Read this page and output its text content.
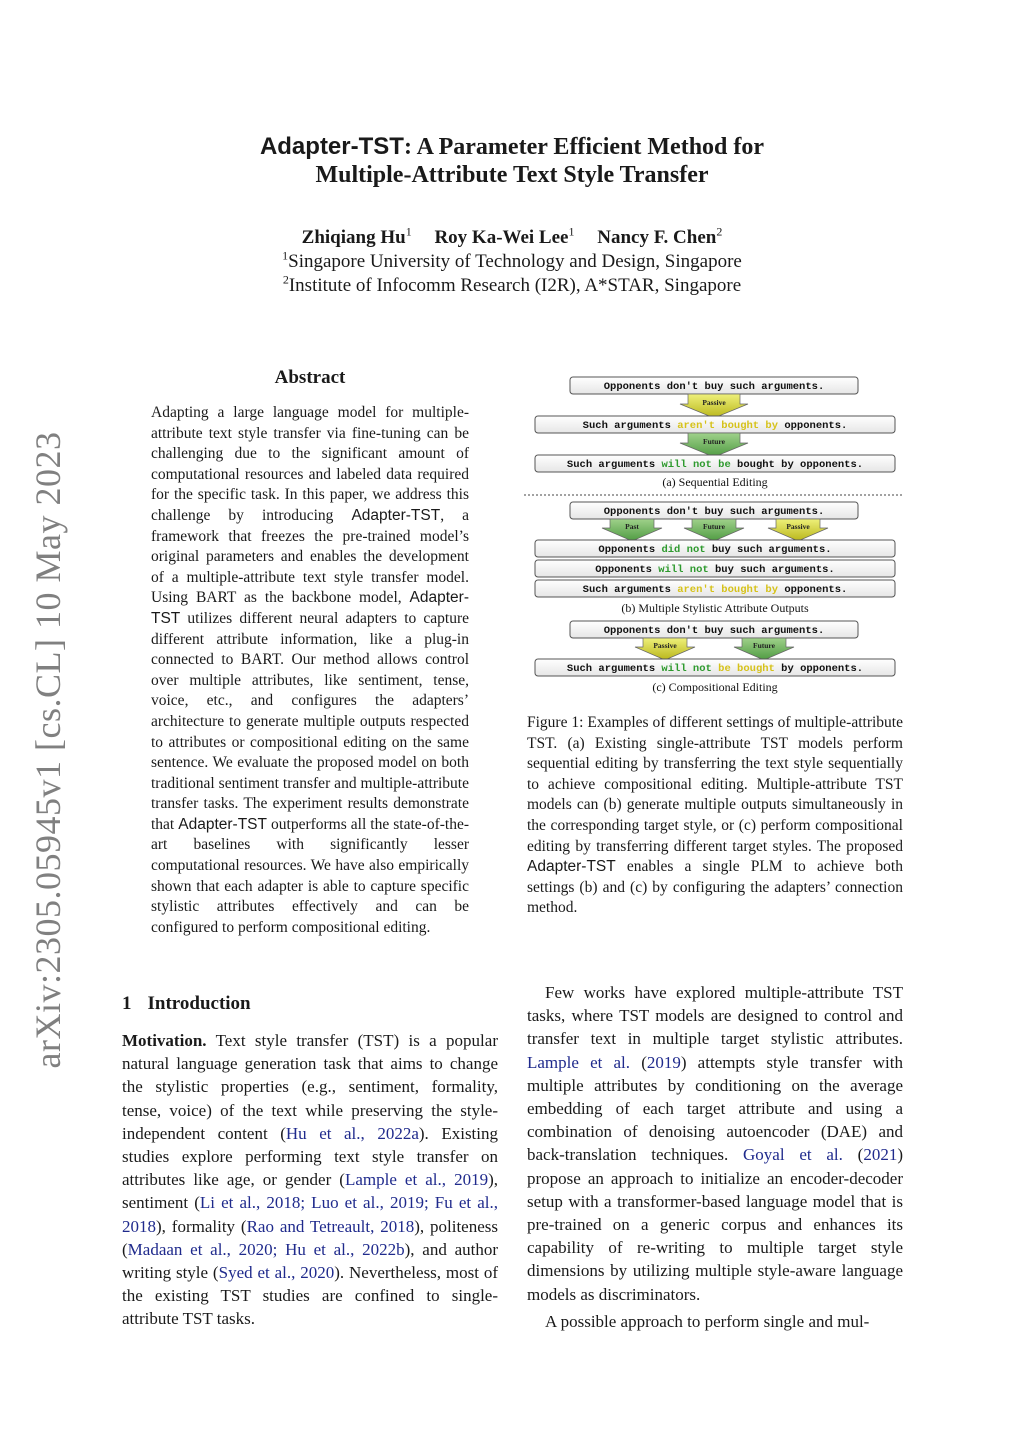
arXiv:2305.05945v1 [cs.CL] 10 May 2023
Adapter-TST: A Parameter Efficient Method for
Multiple-Attribute Text Style Transfer
Zhiqiang Hu$^1$ Roy Ka-Wei Lee$^1$ Nancy F. Chen$^2$
$^1$Singapore University of Technology and Design, Singapore
$^2$Institute of Infocomm Research (I2R), A*STAR, Singapore
Abstract
Adapting a large language model for multiple-attribute text style transfer via fine-tuning can be challenging due to the significant amount of computational resources and labeled data required for the specific task. In this paper, we address this challenge by introducing Adapter-TST, a framework that freezes the pre-trained model’s original parameters and enables the development of a multiple-attribute text style transfer model. Using BART as the backbone model, Adapter-TST utilizes different neural adapters to capture different attribute information, like a plug-in connected to BART. Our method allows control over multiple attributes, like sentiment, tense, voice, etc., and configures the adapters’ architecture to generate multiple outputs respected to attributes or compositional editing on the same sentence. We evaluate the proposed model on both traditional sentiment transfer and multiple-attribute transfer tasks. The experiment results demonstrate that Adapter-TST outperforms all the state-of-the-art baselines with significantly lesser computational resources. We have also empirically shown that each adapter is able to capture specific stylistic attributes effectively and can be configured to perform compositional editing.
Opponents don't buy such arguments.
Passive
Such arguments aren't bought by opponents.
Future
Such arguments will not be bought by opponents.
(a) Sequential Editing
Opponents don't buy such arguments.
Past	Future	Passive
Opponents did not buy such arguments.
Opponents will not buy such arguments.
Such arguments aren't bought by opponents.
(b) Multiple Stylistic Attribute Outputs
Opponents don't buy such arguments.
Passive	Future
Such arguments will not be bought by opponents.
(c) Compositional Editing
Figure 1: Examples of different settings of multiple-attribute TST. (a) Existing single-attribute TST models perform sequential editing by transferring the text style sequentially to achieve compositional editing. Multiple-attribute TST models can (b) generate multiple outputs simultaneously in the corresponding target style, or (c) perform compositional editing by transferring different target styles. The proposed Adapter-TST enables a single PLM to achieve both settings (b) and (c) by configuring the adapters’ connection method.
1 Introduction

Motivation. Text style transfer (TST) is a popular natural language generation task that aims to change the stylistic properties (e.g., sentiment, formality, tense, voice) of the text while preserving the style-independent content (Hu et al., 2022a). Existing studies explore performing text style transfer on attributes like age, or gender (Lample et al., 2019), sentiment (Li et al., 2018; Luo et al., 2019; Fu et al., 2018), formality (Rao and Tetreault, 2018), politeness (Madaan et al., 2020; Hu et al., 2022b), and author writing style (Syed et al., 2020). Nevertheless, most of the existing TST studies are confined to single-attribute TST tasks.

Few works have explored multiple-attribute TST tasks, where TST models are designed to control and transfer text in multiple target stylistic attributes. Lample et al. (2019) attempts style transfer with multiple attributes by conditioning on the average embedding of each target attribute and using a combination of denoising autoencoder (DAE) and back-translation techniques. Goyal et al. (2021) propose an approach to initialize an encoder-decoder setup with a transformer-based language model that is pre-trained on a generic corpus and enhances its capability of re-writing to multiple target style dimensions by utilizing multiple style-aware language models as discriminators.

A possible approach to perform single and mul-
